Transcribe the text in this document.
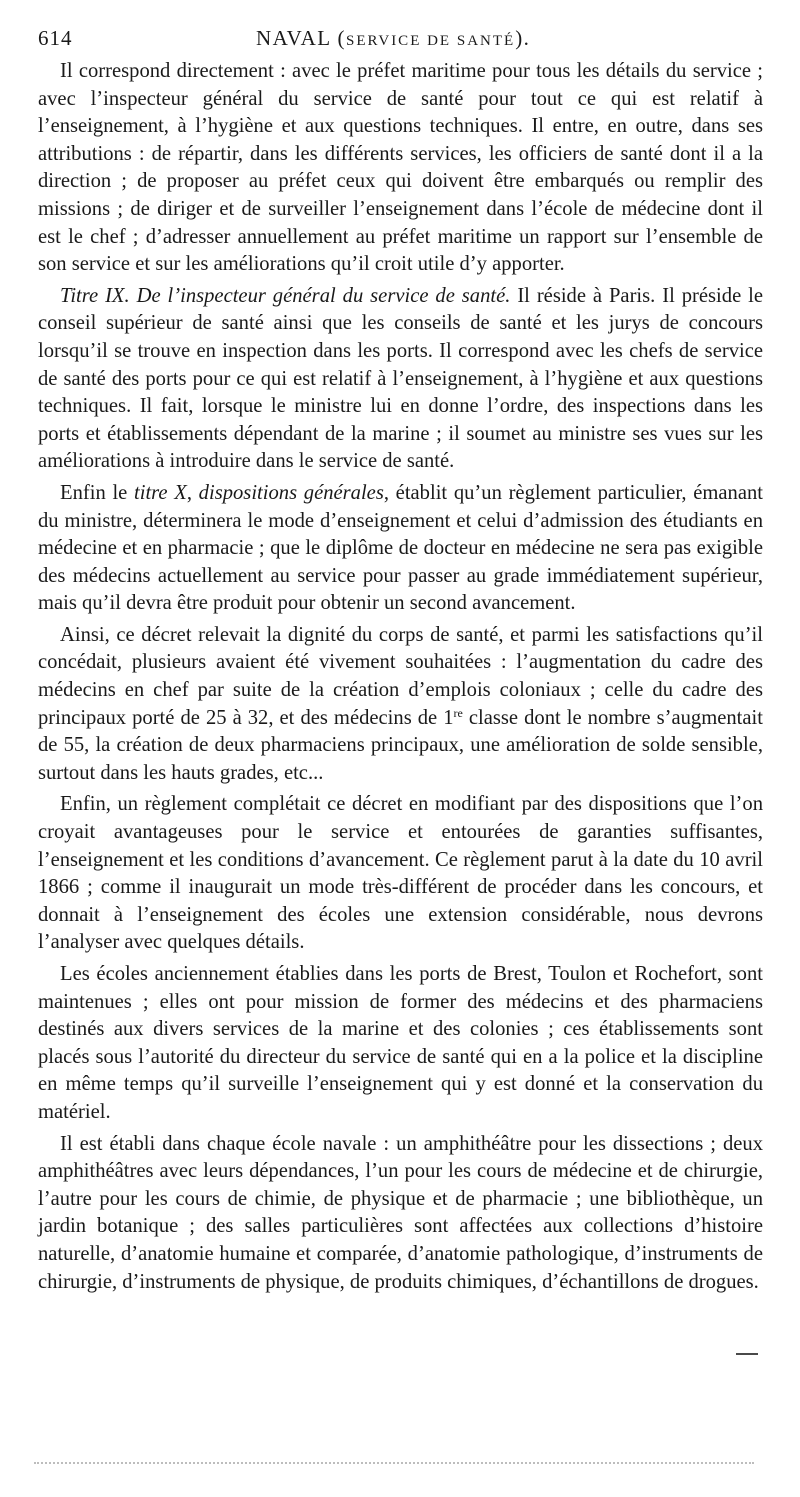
614	NAVAL (SERVICE DE SANTÉ).

Il correspond directement : avec le préfet maritime pour tous les détails du service ; avec l’inspecteur général du service de santé pour tout ce qui est relatif à l’enseignement, à l’hygiène et aux questions techniques. Il entre, en outre, dans ses attributions : de répartir, dans les différents services, les officiers de santé dont il a la direction ; de proposer au préfet ceux qui doivent être embarqués ou remplir des missions ; de diriger et de surveiller l’enseignement dans l’école de médecine dont il est le chef ; d’adresser annuellement au préfet maritime un rapport sur l’ensemble de son service et sur les améliorations qu’il croit utile d’y apporter.

Titre IX. De l’inspecteur général du service de santé. Il réside à Paris. Il préside le conseil supérieur de santé ainsi que les conseils de santé et les jurys de concours lorsqu’il se trouve en inspection dans les ports. Il correspond avec les chefs de service de santé des ports pour ce qui est relatif à l’enseignement, à l’hygiène et aux questions techniques. Il fait, lorsque le ministre lui en donne l’ordre, des inspections dans les ports et établissements dépendant de la marine ; il soumet au ministre ses vues sur les améliorations à introduire dans le service de santé.

Enfin le titre X, dispositions générales, établit qu’un règlement particulier, émanant du ministre, déterminera le mode d’enseignement et celui d’admission des étudiants en médecine et en pharmacie ; que le diplôme de docteur en médecine ne sera pas exigible des médecins actuellement au service pour passer au grade immédiatement supérieur, mais qu’il devra être produit pour obtenir un second avancement.

Ainsi, ce décret relevait la dignité du corps de santé, et parmi les satisfactions qu’il concédait, plusieurs avaient été vivement souhaitées : l’augmentation du cadre des médecins en chef par suite de la création d’emplois coloniaux ; celle du cadre des principaux porté de 25 à 32, et des médecins de 1re classe dont le nombre s’augmentait de 55, la création de deux pharmaciens principaux, une amélioration de solde sensible, surtout dans les hauts grades, etc...

Enfin, un règlement complétait ce décret en modifiant par des dispositions que l’on croyait avantageuses pour le service et entourées de garanties suffisantes, l’enseignement et les conditions d’avancement. Ce règlement parut à la date du 10 avril 1866 ; comme il inaugurait un mode très-différent de procéder dans les concours, et donnait à l’enseignement des écoles une extension considérable, nous devrons l’analyser avec quelques détails.

Les écoles anciennement établies dans les ports de Brest, Toulon et Rochefort, sont maintenues ; elles ont pour mission de former des médecins et des pharmaciens destinés aux divers services de la marine et des colonies ; ces établissements sont placés sous l’autorité du directeur du service de santé qui en a la police et la discipline en même temps qu’il surveille l’enseignement qui y est donné et la conservation du matériel.

Il est établi dans chaque école navale : un amphithéâtre pour les dissections ; deux amphithéâtres avec leurs dépendances, l’un pour les cours de médecine et de chirurgie, l’autre pour les cours de chimie, de physique et de pharmacie ; une bibliothèque, un jardin botanique ; des salles particulières sont affectées aux collections d’histoire naturelle, d’anatomie humaine et comparée, d’anatomie pathologique, d’instruments de chirurgie, d’instruments de physique, de produits chimiques, d’échantillons de drogues.
